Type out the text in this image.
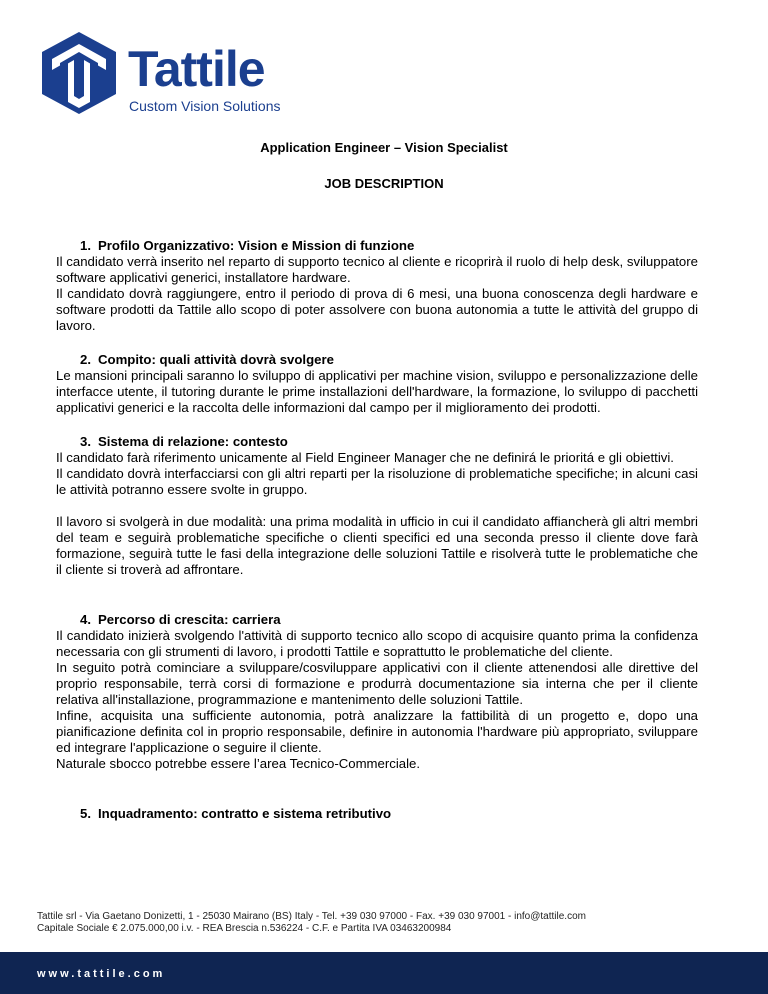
Tattile
Custom Vision Solutions
Application Engineer – Vision Specialist
JOB DESCRIPTION
1. Profilo Organizzativo: Vision e Mission di funzione
Il candidato verrà inserito nel reparto di supporto tecnico al cliente e ricoprirà il ruolo di help desk, sviluppatore software applicativi generici, installatore hardware.
Il candidato dovrà raggiungere, entro il periodo di prova di 6 mesi, una buona conoscenza degli hardware e software prodotti da Tattile allo scopo di poter assolvere con buona autonomia a tutte le attività del gruppo di lavoro.
2. Compito: quali attività dovrà svolgere
Le mansioni principali saranno lo sviluppo di applicativi per machine vision, sviluppo e personalizzazione delle interfacce utente, il tutoring durante le prime installazioni dell'hardware, la formazione, lo sviluppo di pacchetti applicativi generici e la raccolta delle informazioni dal campo per il miglioramento dei prodotti.
3. Sistema di relazione: contesto
Il candidato farà riferimento unicamente al Field Engineer Manager che ne definirá le prioritá e gli obiettivi.
Il candidato dovrà interfacciarsi con gli altri reparti per la risoluzione di problematiche specifiche; in alcuni casi le attività potranno essere svolte in gruppo.
Il lavoro si svolgerà in due modalità: una prima modalità in ufficio in cui il candidato affiancherà gli altri membri del team e seguirà problematiche specifiche o clienti specifici ed una seconda presso il cliente dove farà formazione, seguirà tutte le fasi della integrazione delle soluzioni Tattile e risolverà tutte le problematiche che il cliente si troverà ad affrontare.
4. Percorso di crescita: carriera
Il candidato inizierà svolgendo l'attività di supporto tecnico allo scopo di acquisire quanto prima la confidenza necessaria con gli strumenti di lavoro, i prodotti Tattile e soprattutto le problematiche del cliente.
In seguito potrà cominciare a sviluppare/cosviluppare applicativi con il cliente attenendosi alle direttive del proprio responsabile, terrà corsi di formazione e produrrà documentazione sia interna che per il cliente relativa all'installazione, programmazione e mantenimento delle soluzioni Tattile.
Infine, acquisita una sufficiente autonomia, potrà analizzare la fattibilità di un progetto e, dopo una pianificazione definita col in proprio responsabile, definire in autonomia l'hardware più appropriato, sviluppare ed integrare l'applicazione o seguire il cliente.
Naturale sbocco potrebbe essere l’area Tecnico-Commerciale.
5. Inquadramento: contratto e sistema retributivo
Tattile srl - Via Gaetano Donizetti, 1 - 25030 Mairano (BS) Italy - Tel. +39 030 97000 - Fax. +39 030 97001 - info@tattile.com
Capitale Sociale € 2.075.000,00 i.v. - REA Brescia n.536224 - C.F. e Partita IVA 03463200984
www.tattile.com
